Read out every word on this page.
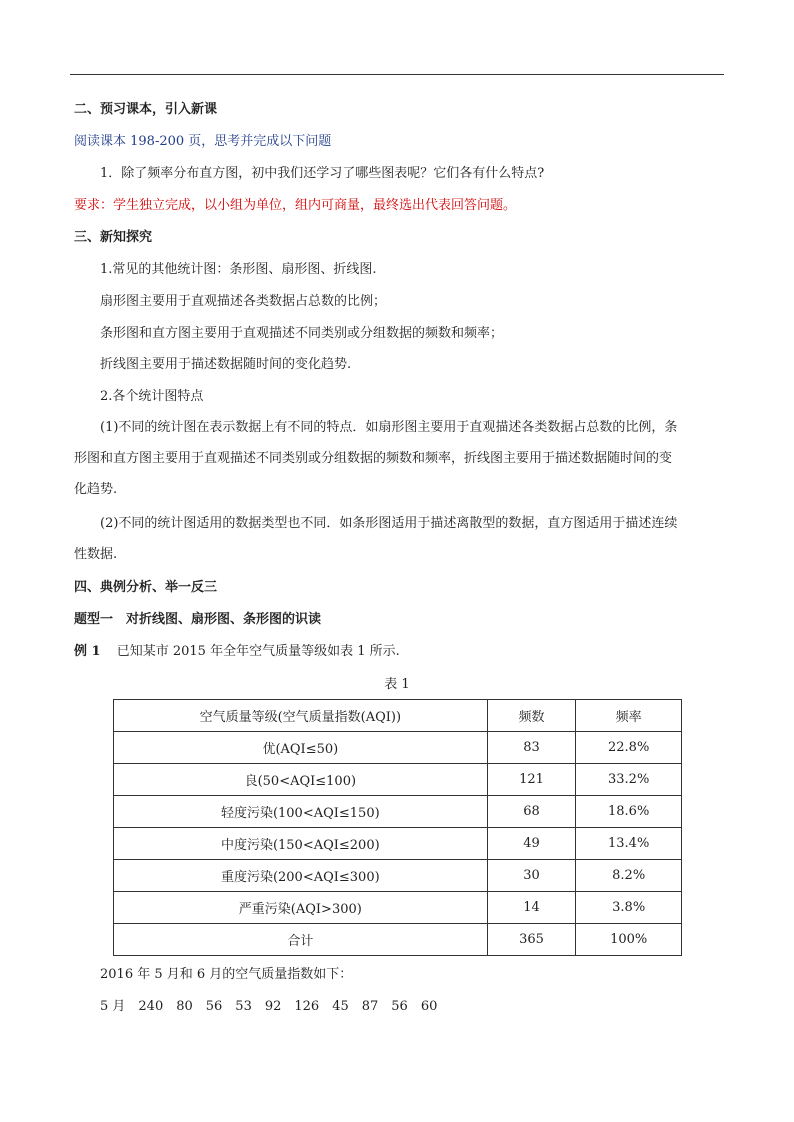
二、预习课本，引入新课
阅读课本 198-200 页，思考并完成以下问题
1．除了频率分布直方图，初中我们还学习了哪些图表呢？它们各有什么特点?
要求：学生独立完成，以小组为单位，组内可商量，最终选出代表回答问题。
三、新知探究
1.常见的其他统计图：条形图、扇形图、折线图.
扇形图主要用于直观描述各类数据占总数的比例；
条形图和直方图主要用于直观描述不同类别或分组数据的频数和频率；
折线图主要用于描述数据随时间的变化趋势.
2.各个统计图特点
(1)不同的统计图在表示数据上有不同的特点．如扇形图主要用于直观描述各类数据占总数的比例，条
形图和直方图主要用于直观描述不同类别或分组数据的频数和频率，折线图主要用于描述数据随时间的变
化趋势.
(2)不同的统计图适用的数据类型也不同．如条形图适用于描述离散型的数据，直方图适用于描述连续
性数据.
四、典例分析、举一反三
题型一　对折线图、扇形图、条形图的识读
例 1 已知某市 2015 年全年空气质量等级如表 1 所示.
表 1
空气质量等级(空气质量指数(AQI))	频数	频率
优(AQI≤50)	83	22.8%
良(50<AQI≤100)	121	33.2%
轻度污染(100<AQI≤150)	68	18.6%
中度污染(150<AQI≤200)	49	13.4%
重度污染(200<AQI≤300)	30	8.2%
严重污染(AQI>300)	14	3.8%
合计	365	100%
2016 年 5 月和 6 月的空气质量指数如下：
5 月　240　80　56　53　92　126　45　87　56　60
